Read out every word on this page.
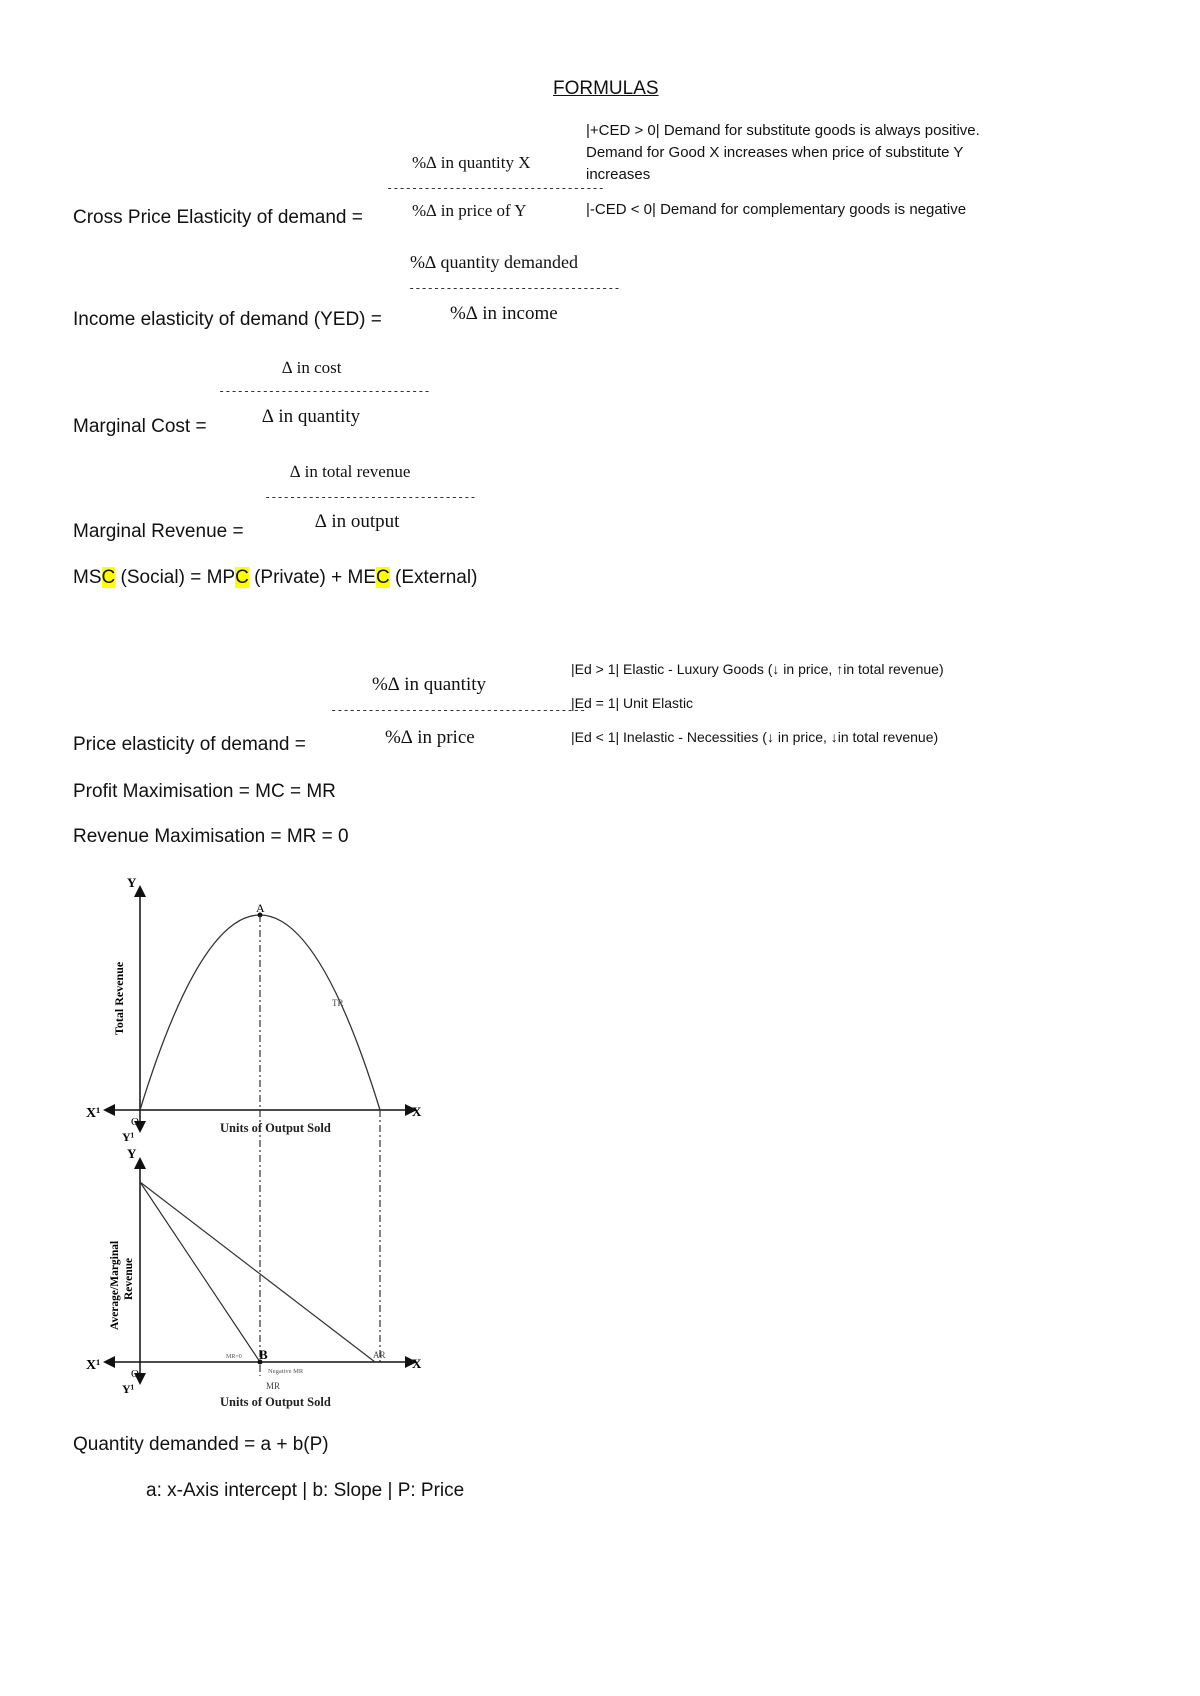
FORMULAS
%∆ in quantity X
-----------------------------------
%∆ in price of Y
Cross Price Elasticity of demand =
|+CED > 0| Demand for substitute goods is always positive.
Demand for Good X increases when price of substitute Y
increases
|-CED < 0| Demand for complementary goods is negative
%∆ quantity demanded
----------------------------------
%∆ in income
Income elasticity of demand (YED) =
∆ in cost
----------------------------------
∆ in quantity
Marginal Cost =
∆ in total revenue
----------------------------------
∆ in output
Marginal Revenue =
MSC (Social) = MPC (Private) + MEC (External)
%∆ in quantity
-----------------------------------------
%∆ in price
Price elasticity of demand =
|Ed > 1| Elastic - Luxury Goods (↓ in price, ↑in total revenue)
|Ed = 1| Unit Elastic
|Ed < 1| Inelastic - Necessities (↓ in price, ↓in total revenue)
Profit Maximisation = MC = MR
Revenue Maximisation = MR = 0
Y
X
X¹
Y¹
O
A
TR
Units of Output Sold
Total Revenue
Y
X
X¹
Y¹
O
B	AR
MR
MR=0
Negative MR
Units of Output Sold
Average/Marginal Revenue
Quantity demanded = a + b(P)
a: x-Axis intercept | b: Slope | P: Price
